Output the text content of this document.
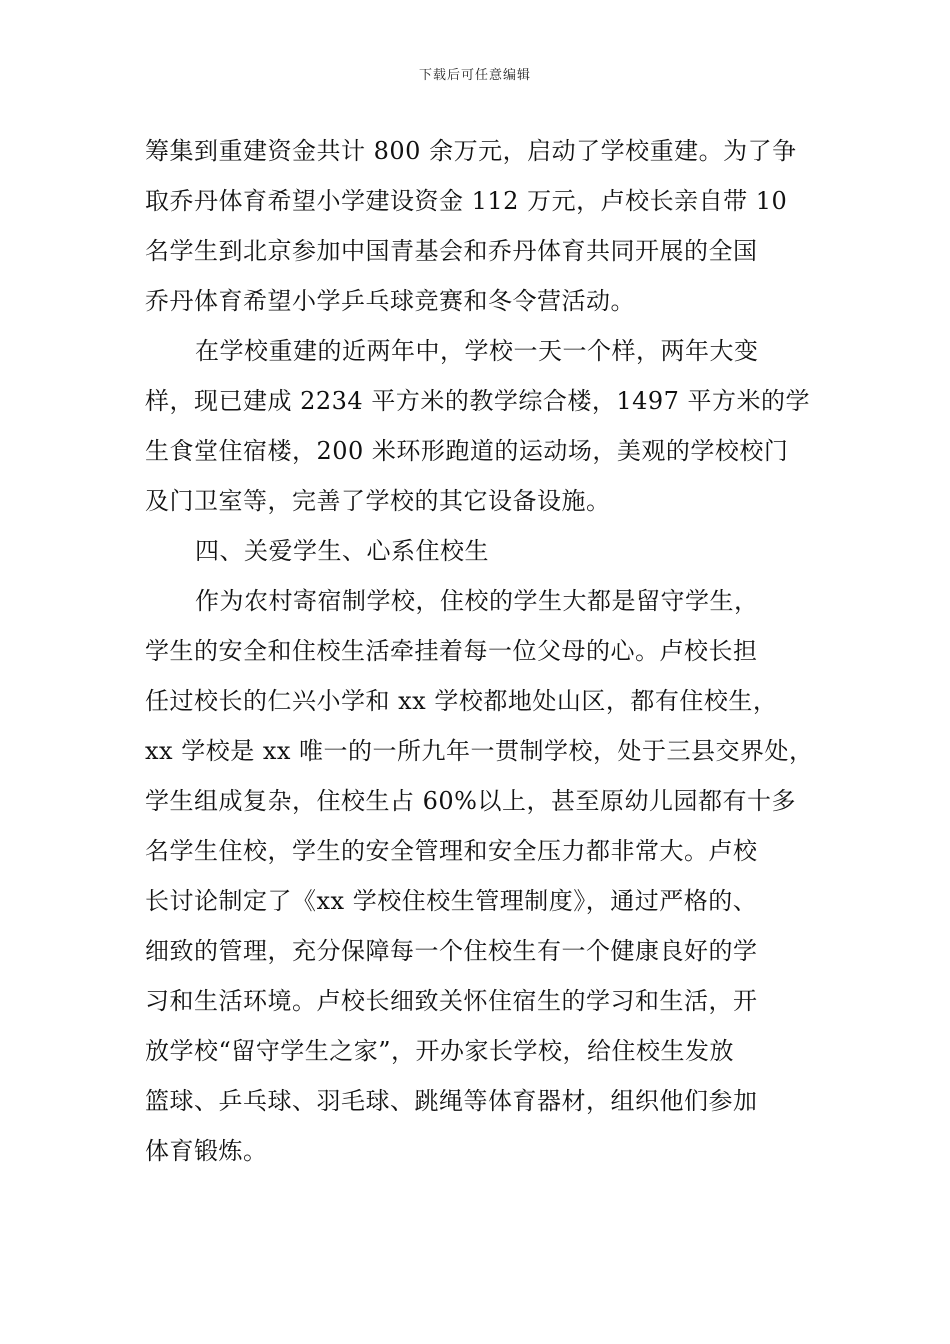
下载后可任意编辑
筹集到重建资金共计 800 余万元，启动了学校重建。为了争
取乔丹体育希望小学建设资金 112 万元，卢校长亲自带 10
名学生到北京参加中国青基会和乔丹体育共同开展的全国
乔丹体育希望小学乒乓球竞赛和冬令营活动。
在学校重建的近两年中，学校一天一个样，两年大变
样，现已建成 2234 平方米的教学综合楼，1497 平方米的学
生食堂住宿楼，200 米环形跑道的运动场，美观的学校校门
及门卫室等，完善了学校的其它设备设施。
四、关爱学生、心系住校生
作为农村寄宿制学校，住校的学生大都是留守学生，
学生的安全和住校生活牵挂着每一位父母的心。卢校长担
任过校长的仁兴小学和 xx 学校都地处山区，都有住校生，
xx 学校是 xx 唯一的一所九年一贯制学校，处于三县交界处，
学生组成复杂，住校生占 60%以上，甚至原幼儿园都有十多
名学生住校，学生的安全管理和安全压力都非常大。卢校
长讨论制定了《xx 学校住校生管理制度》，通过严格的、
细致的管理，充分保障每一个住校生有一个健康良好的学
习和生活环境。卢校长细致关怀住宿生的学习和生活，开
放学校“留守学生之家”，开办家长学校，给住校生发放
篮球、乒乓球、羽毛球、跳绳等体育器材，组织他们参加
体育锻炼。
